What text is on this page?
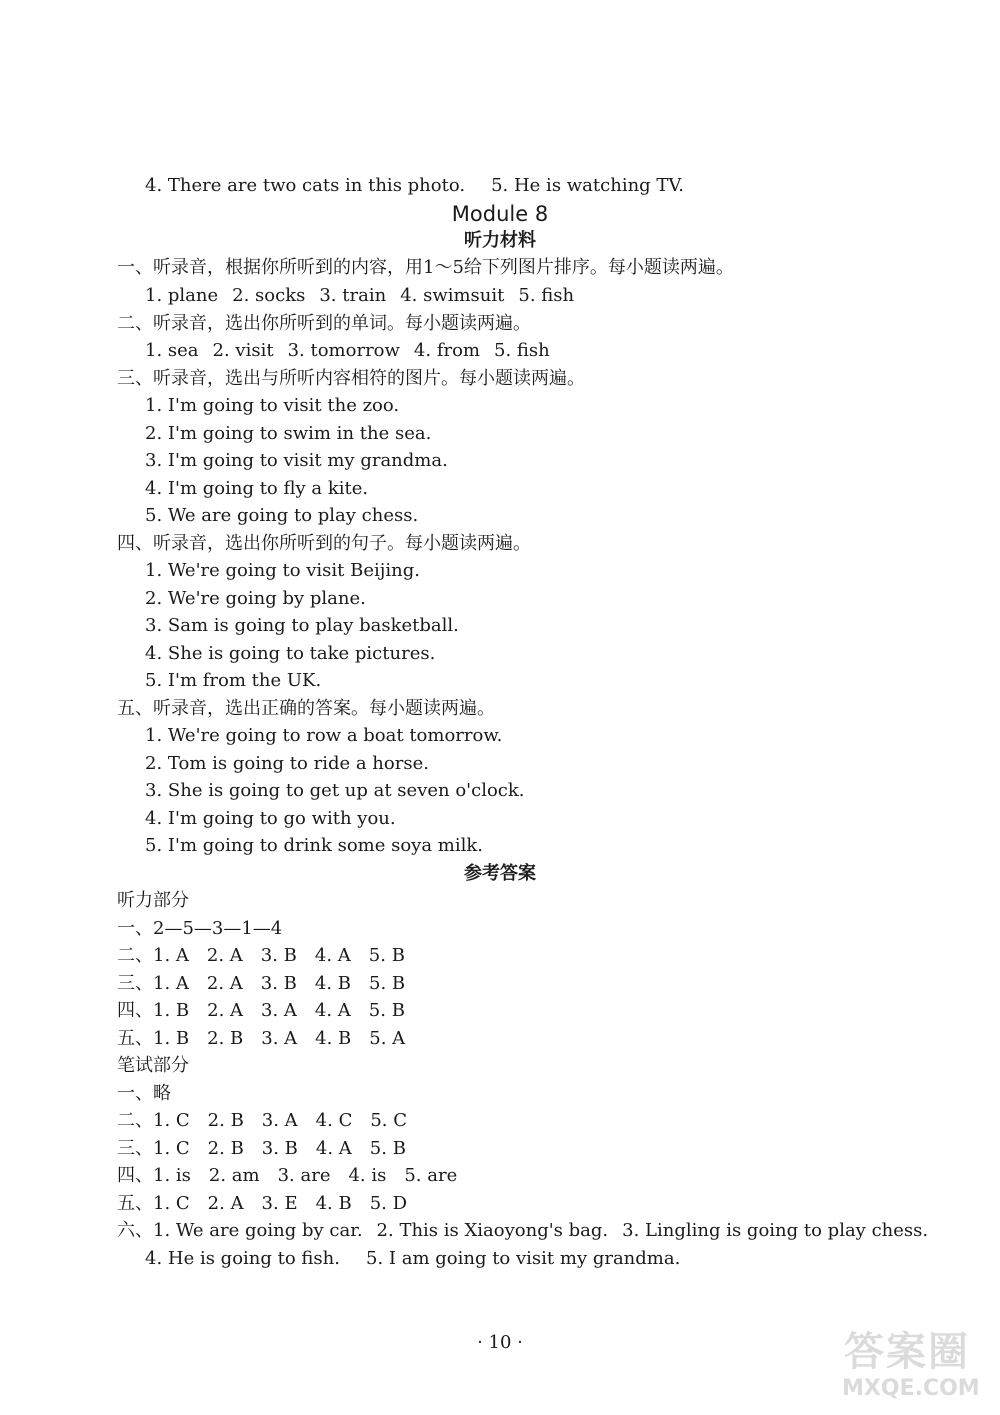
4. There are two cats in this photo. 5. He is watching TV.
Module 8
听力材料
一、听录音，根据你所听到的内容，用1～5给下列图片排序。每小题读两遍。
1. plane 2. socks 3. train 4. swimsuit 5. fish
二、听录音，选出你所听到的单词。每小题读两遍。
1. sea 2. visit 3. tomorrow 4. from 5. fish
三、听录音，选出与所听内容相符的图片。每小题读两遍。
1. I'm going to visit the zoo.
2. I'm going to swim in the sea.
3. I'm going to visit my grandma.
4. I'm going to fly a kite.
5. We are going to play chess.
四、听录音，选出你所听到的句子。每小题读两遍。
1. We're going to visit Beijing.
2. We're going by plane.
3. Sam is going to play basketball.
4. She is going to take pictures.
5. I'm from the UK.
五、听录音，选出正确的答案。每小题读两遍。
1. We're going to row a boat tomorrow.
2. Tom is going to ride a horse.
3. She is going to get up at seven o'clock.
4. I'm going to go with you.
5. I'm going to drink some soya milk.
参考答案
听力部分
一、2—5—3—1—4
二、1. A　2. A　3. B　4. A　5. B
三、1. A　2. A　3. B　4. B　5. B
四、1. B　2. A　3. A　4. A　5. B
五、1. B　2. B　3. A　4. B　5. A
笔试部分
一、略
二、1. C　2. B　3. A　4. C　5. C
三、1. C　2. B　3. B　4. A　5. B
四、1. is　2. am　3. are　4. is　5. are
五、1. C　2. A　3. E　4. B　5. D
六、1. We are going by car. 2. This is Xiaoyong's bag. 3. Lingling is going to play chess.
4. He is going to fish. 5. I am going to visit my grandma.
· 10 ·	答案圈
MXQE.COM
